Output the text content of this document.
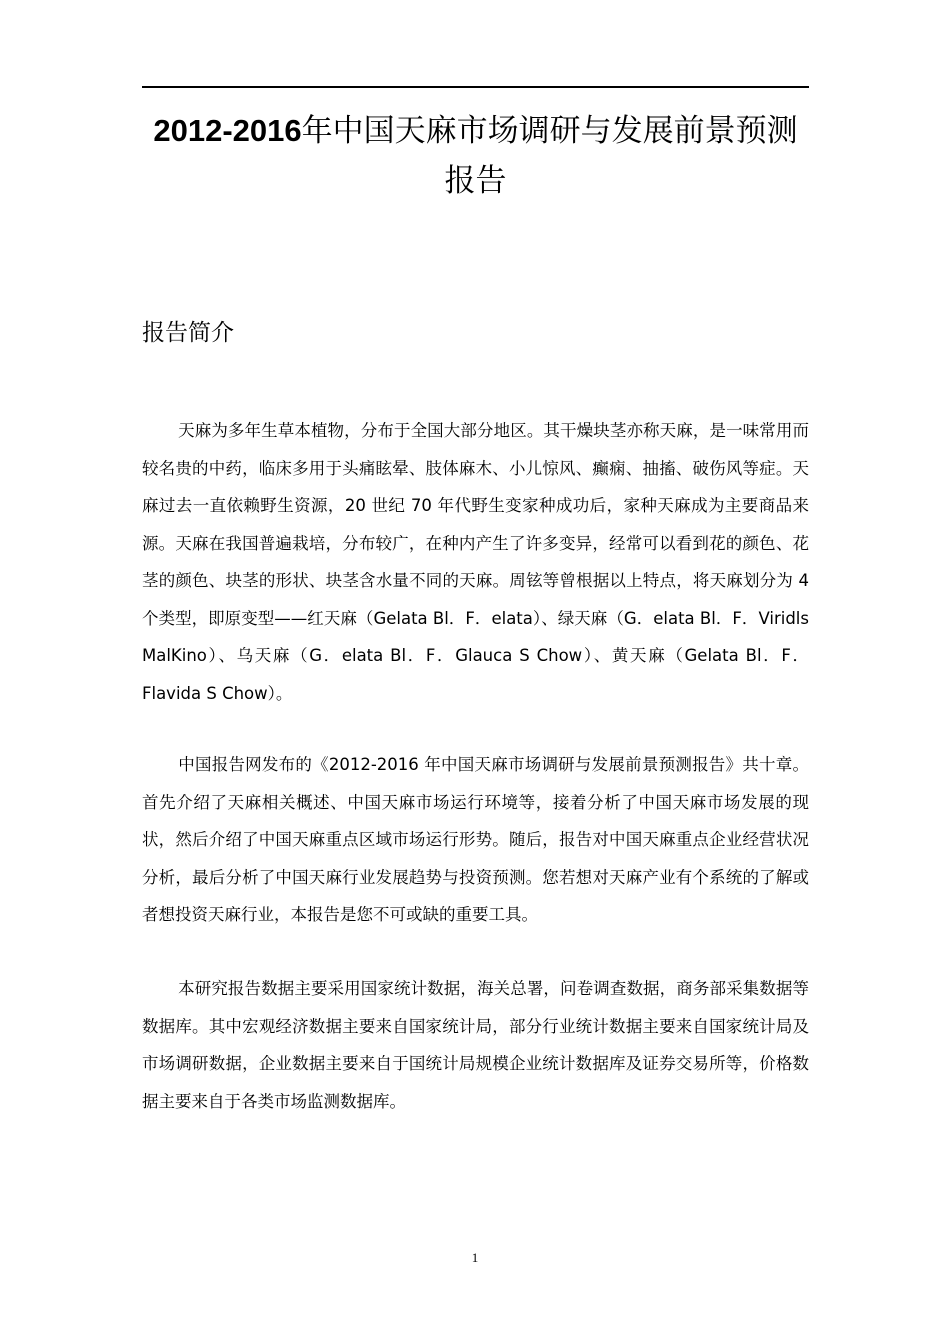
2012-2016年中国天麻市场调研与发展前景预测报告
报告简介
天麻为多年生草本植物，分布于全国大部分地区。其干燥块茎亦称天麻，是一味常用而较名贵的中药，临床多用于头痛眩晕、肢体麻木、小儿惊风、癫痫、抽搐、破伤风等症。天麻过去一直依赖野生资源，20 世纪 70 年代野生变家种成功后，家种天麻成为主要商品来源。天麻在我国普遍栽培，分布较广，在种内产生了许多变异，经常可以看到花的颜色、花茎的颜色、块茎的形状、块茎含水量不同的天麻。周铉等曾根据以上特点，将天麻划分为 4 个类型，即原变型——红天麻（Gelata Bl．F．elata）、绿天麻（G．elata Bl．F．Viridls MalKino）、乌天麻（G．elata Bl．F．Glauca S Chow）、黄天麻（Gelata Bl．F．Flavida S Chow）。
中国报告网发布的《2012-2016 年中国天麻市场调研与发展前景预测报告》共十章。首先介绍了天麻相关概述、中国天麻市场运行环境等，接着分析了中国天麻市场发展的现状，然后介绍了中国天麻重点区域市场运行形势。随后，报告对中国天麻重点企业经营状况分析，最后分析了中国天麻行业发展趋势与投资预测。您若想对天麻产业有个系统的了解或者想投资天麻行业，本报告是您不可或缺的重要工具。
本研究报告数据主要采用国家统计数据，海关总署，问卷调查数据，商务部采集数据等数据库。其中宏观经济数据主要来自国家统计局，部分行业统计数据主要来自国家统计局及市场调研数据，企业数据主要来自于国统计局规模企业统计数据库及证券交易所等，价格数据主要来自于各类市场监测数据库。
1
